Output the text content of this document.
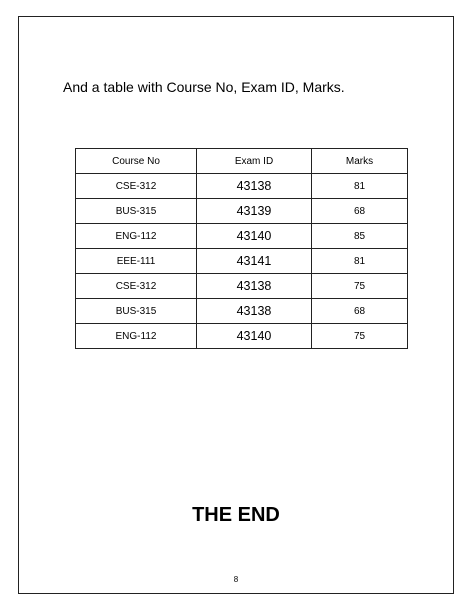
And a table with Course No, Exam ID, Marks.

Course No	Exam ID	Marks
CSE-312	43138	81
BUS-315	43139	68
ENG-112	43140	85
EEE-111	43141	81
CSE-312	43138	75
BUS-315	43138	68
ENG-112	43140	75
THE END
8
